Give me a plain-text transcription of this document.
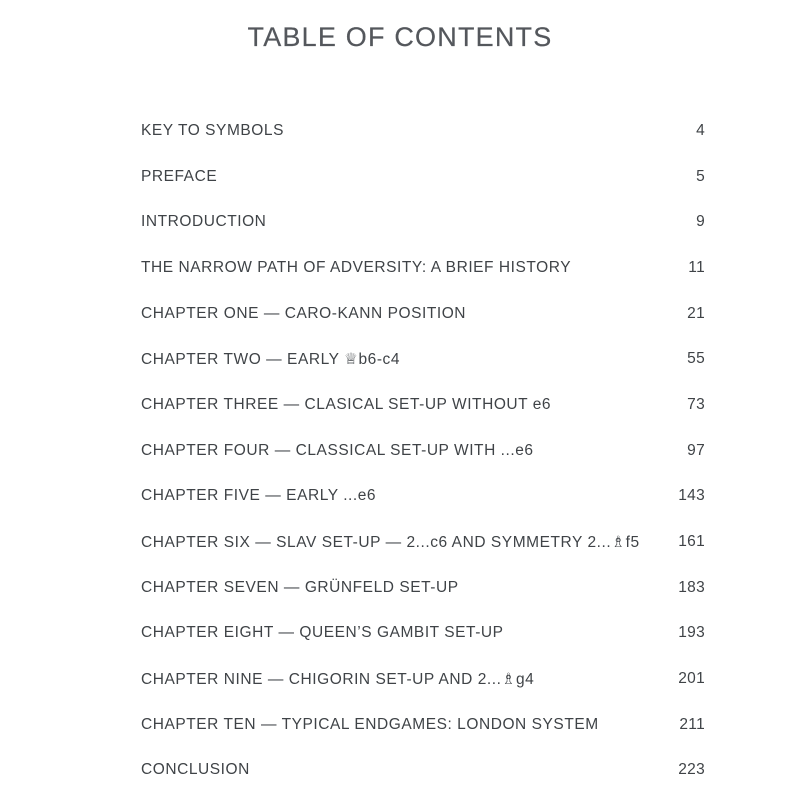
TABLE OF CONTENTS
KEY TO SYMBOLS	4
PREFACE	5
INTRODUCTION	9
THE NARROW PATH OF ADVERSITY: A BRIEF HISTORY	11
CHAPTER ONE — CARO-KANN POSITION	21
CHAPTER TWO — EARLY ♕b6-c4	55
CHAPTER THREE — CLASICAL SET-UP WITHOUT e6	73
CHAPTER FOUR — CLASSICAL SET-UP WITH ...e6	97
CHAPTER FIVE — EARLY ...e6	143
CHAPTER SIX — SLAV SET-UP — 2...c6 AND SYMMETRY 2...♗f5	161
CHAPTER SEVEN — GRÜNFELD SET-UP	183
CHAPTER EIGHT — QUEEN’S GAMBIT SET-UP	193
CHAPTER NINE — CHIGORIN SET-UP AND 2...♗g4	201
CHAPTER TEN — TYPICAL ENDGAMES: LONDON SYSTEM	211
CONCLUSION	223
